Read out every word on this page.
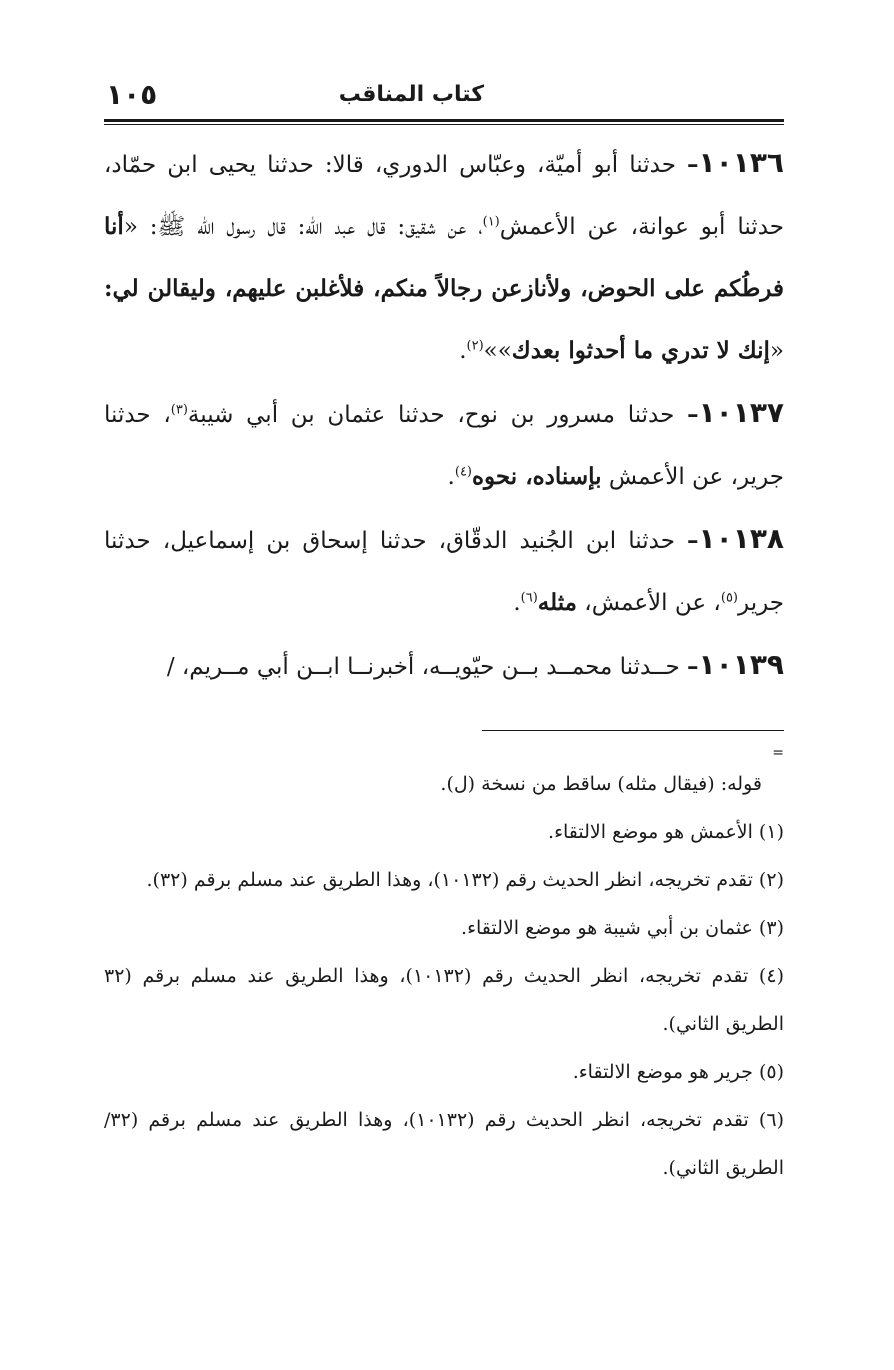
كتاب المناقب
١٠٥

١٠١٣٦– حدثنا أبو أميّة، وعبّاس الدوري، قالا: حدثنا يحيى ابن حمّاد، حدثنا أبو عوانة، عن الأعمش$^{(١)}$، عن شقيق: قال عبد الله: قال رسول الله ﷺ: «أنا فرطُكم على الحوض، ولأنازعن رجالاً منكم، فلأغلبن عليهم، وليقالن لي: «إنك لا تدري ما أحدثوا بعدك»»$^{(٢)}$.

١٠١٣٧– حدثنا مسرور بن نوح، حدثنا عثمان بن أبي شيبة$^{(٣)}$، حدثنا جرير، عن الأعمش بإسناده، نحوه$^{(٤)}$.

١٠١٣٨– حدثنا ابن الجُنيد الدقّاق، حدثنا إسحاق بن إسماعيل، حدثنا جرير$^{(٥)}$، عن الأعمش، مثله$^{(٦)}$.

١٠١٣٩– حــدثنا محمــد بــن حيّويــه، أخبرنــا ابــن أبي مــريم، /

=
قوله: (فيقال مثله) ساقط من نسخة (ل).

(١) الأعمش هو موضع الالتقاء.

(٢) تقدم تخريجه، انظر الحديث رقم (١٠١٣٢)، وهذا الطريق عند مسلم برقم (٣٢).

(٣) عثمان بن أبي شيبة هو موضع الالتقاء.

(٤) تقدم تخريجه، انظر الحديث رقم (١٠١٣٢)، وهذا الطريق عند مسلم برقم (٣٢ الطريق الثاني).

(٥) جرير هو موضع الالتقاء.

(٦) تقدم تخريجه، انظر الحديث رقم (١٠١٣٢)، وهذا الطريق عند مسلم برقم (٣٢/ الطريق الثاني).
